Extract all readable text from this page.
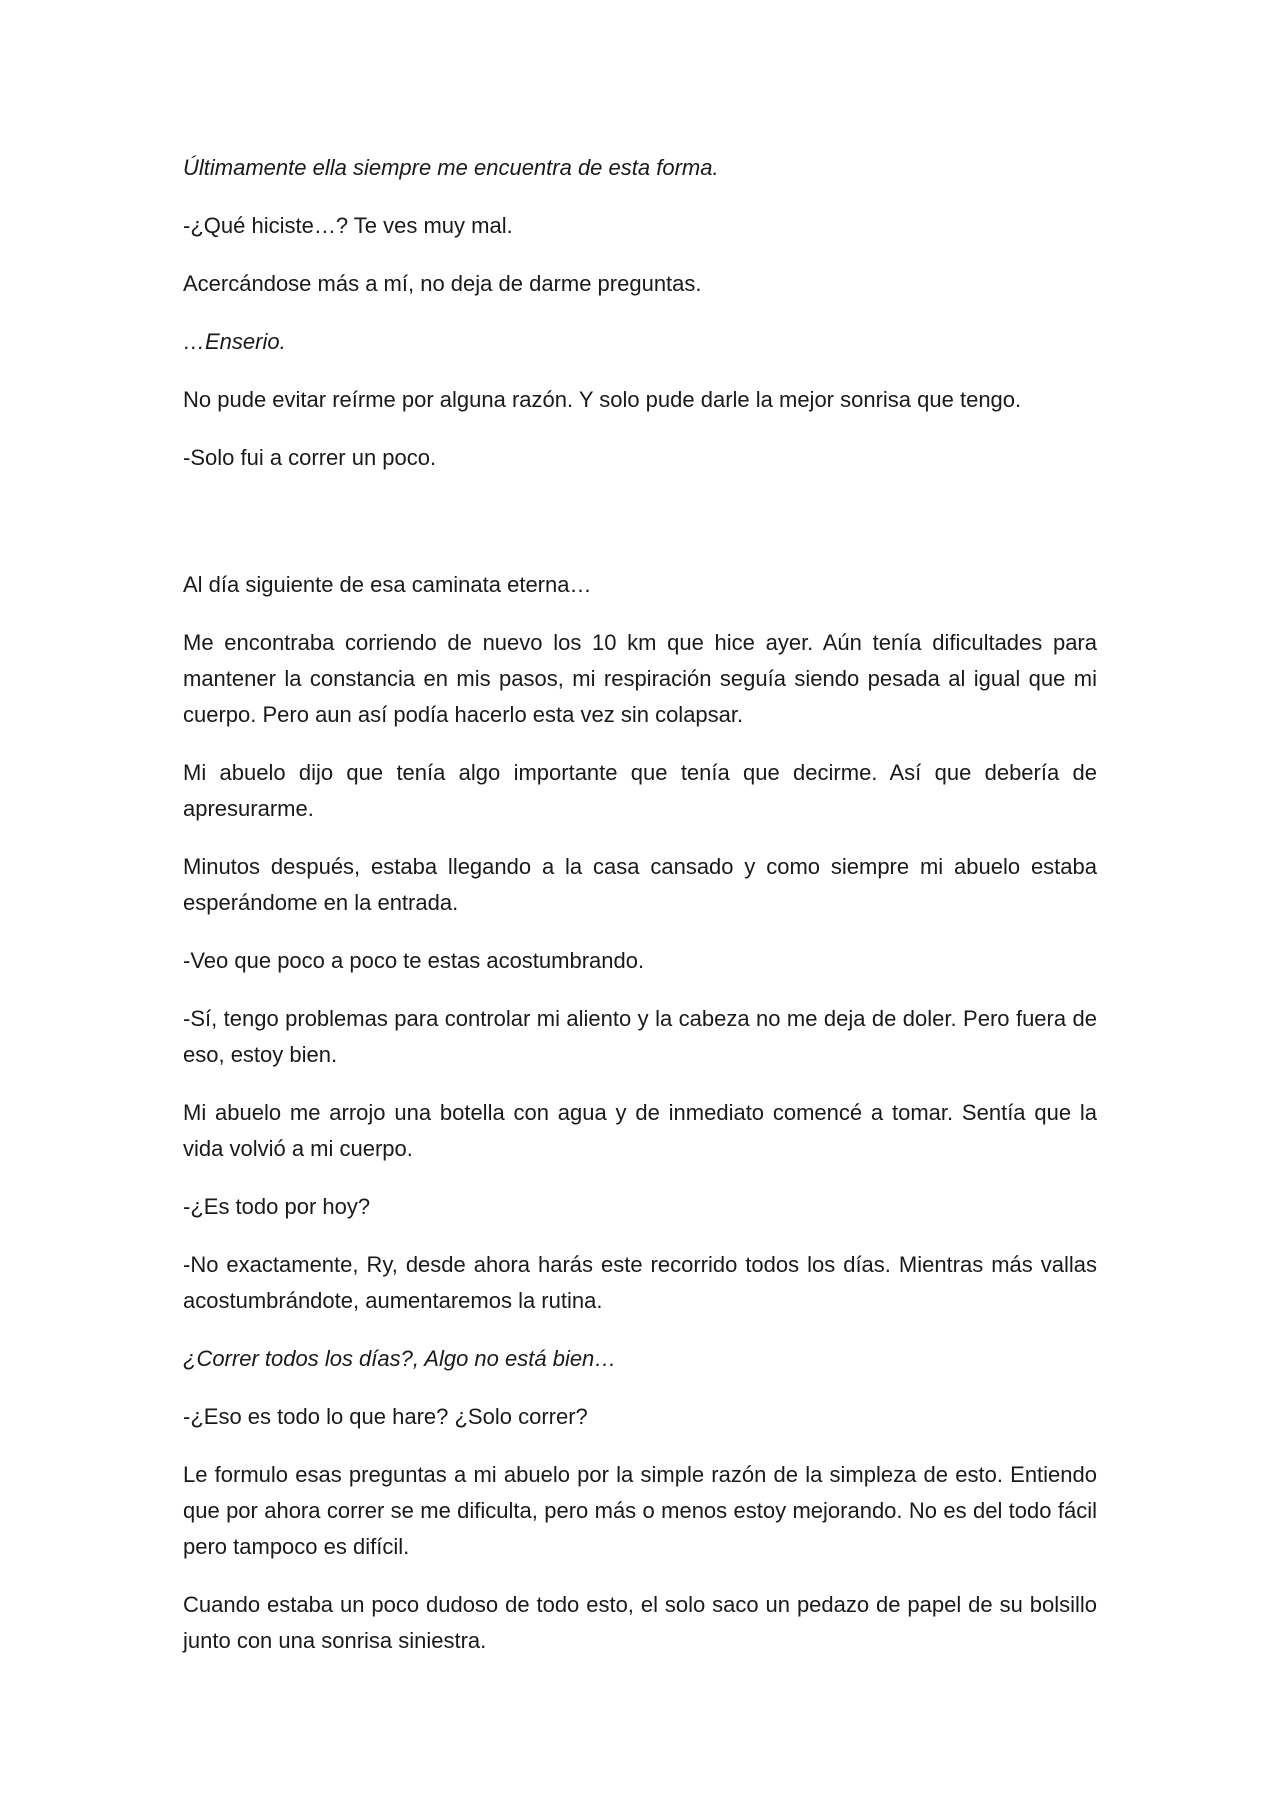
Últimamente ella siempre me encuentra de esta forma.

-¿Qué hiciste…? Te ves muy mal.

Acercándose más a mí, no deja de darme preguntas.

…Enserio.

No pude evitar reírme por alguna razón. Y solo pude darle la mejor sonrisa que tengo.

-Solo fui a correr un poco.

Al día siguiente de esa caminata eterna…

Me encontraba corriendo de nuevo los 10 km que hice ayer. Aún tenía dificultades para mantener la constancia en mis pasos, mi respiración seguía siendo pesada al igual que mi cuerpo. Pero aun así podía hacerlo esta vez sin colapsar.

Mi abuelo dijo que tenía algo importante que tenía que decirme. Así que debería de apresurarme.

Minutos después, estaba llegando a la casa cansado y como siempre mi abuelo estaba esperándome en la entrada.

-Veo que poco a poco te estas acostumbrando.

-Sí, tengo problemas para controlar mi aliento y la cabeza no me deja de doler. Pero fuera de eso, estoy bien.

Mi abuelo me arrojo una botella con agua y de inmediato comencé a tomar. Sentía que la vida volvió a mi cuerpo.

-¿Es todo por hoy?

-No exactamente, Ry, desde ahora harás este recorrido todos los días. Mientras más vallas acostumbrándote, aumentaremos la rutina.

¿Correr todos los días?, Algo no está bien…

-¿Eso es todo lo que hare? ¿Solo correr?

Le formulo esas preguntas a mi abuelo por la simple razón de la simpleza de esto. Entiendo que por ahora correr se me dificulta, pero más o menos estoy mejorando. No es del todo fácil pero tampoco es difícil.

Cuando estaba un poco dudoso de todo esto, el solo saco un pedazo de papel de su bolsillo junto con una sonrisa siniestra.
